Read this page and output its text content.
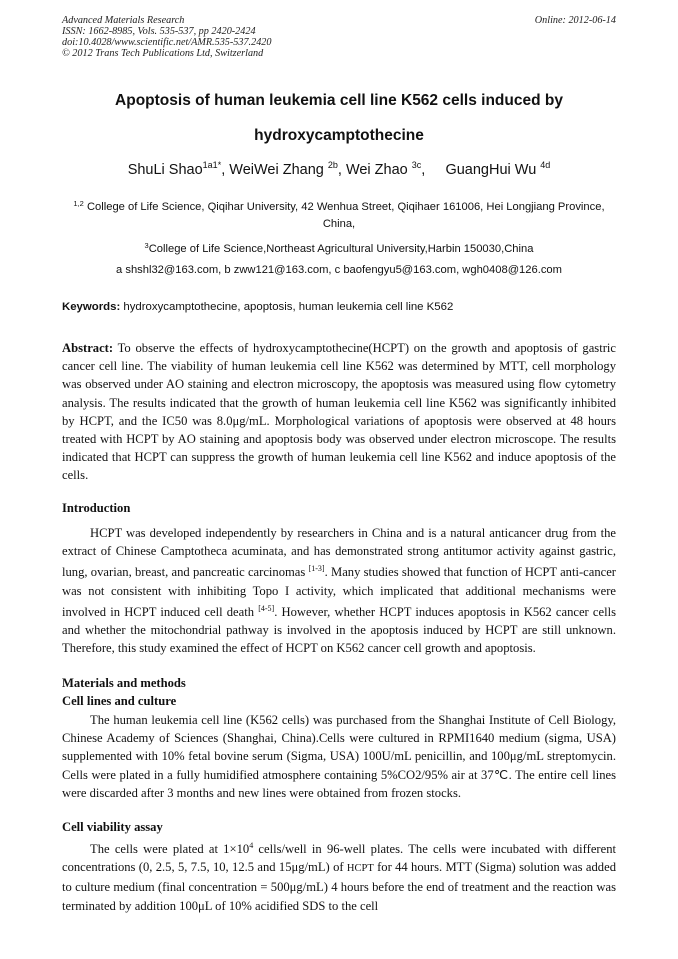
Advanced Materials Research	Online: 2012-06-14
ISSN: 1662-8985, Vols. 535-537, pp 2420-2424
doi:10.4028/www.scientific.net/AMR.535-537.2420
© 2012 Trans Tech Publications Ltd, Switzerland
Apoptosis of human leukemia cell line K562 cells induced by
hydroxycamptothecine
ShuLi Shao$^{1a1*}$, WeiWei Zhang $^{2b}$, Wei Zhao $^{3c}$,     GuangHui Wu $^{4d}$
$^{1,2}$ College of Life Science, Qiqihar University, 42 Wenhua Street, Qiqihaer 161006, Hei Longjiang Province, China,
$^3$College of Life Science,Northeast Agricultural University,Harbin 150030,China
a shshl32@163.com, b zww121@163.com, c baofengyu5@163.com, wgh0408@126.com
Keywords: hydroxycamptothecine, apoptosis, human leukemia cell line K562
Abstract: To observe the effects of hydroxycamptothecine(HCPT) on the growth and apoptosis of gastric cancer cell line. The viability of human leukemia cell line K562 was determined by MTT, cell morphology was observed under AO staining and electron microscopy, the apoptosis was measured using flow cytometry analysis. The results indicated that the growth of human leukemia cell line K562 was significantly inhibited by HCPT, and the IC50 was 8.0μg/mL. Morphological variations of apoptosis were observed at 48 hours treated with HCPT by AO staining and apoptosis body was observed under electron microscope. The results indicated that HCPT can suppress the growth of human leukemia cell line K562 and induce apoptosis of the cells.
Introduction
HCPT was developed independently by researchers in China and is a natural anticancer drug from the extract of Chinese Camptotheca acuminata, and has demonstrated strong antitumor activity against gastric, lung, ovarian, breast, and pancreatic carcinomas [1-3]. Many studies showed that function of HCPT anti-cancer was not consistent with inhibiting Topo I activity, which implicated that additional mechanisms were involved in HCPT induced cell death [4-5]. However, whether HCPT induces apoptosis in K562 cancer cells and whether the mitochondrial pathway is involved in the apoptosis induced by HCPT are still unknown. Therefore, this study examined the effect of HCPT on K562 cancer cell growth and apoptosis.
Materials and methods
Cell lines and culture
The human leukemia cell line (K562 cells) was purchased from the Shanghai Institute of Cell Biology, Chinese Academy of Sciences (Shanghai, China).Cells were cultured in RPMI1640 medium (sigma, USA) supplemented with 10% fetal bovine serum (Sigma, USA) 100U/mL penicillin, and 100μg/mL streptomycin. Cells were plated in a fully humidified atmosphere containing 5%CO2/95% air at 37℃. The entire cell lines were discarded after 3 months and new lines were obtained from frozen stocks.
Cell viability assay
The cells were plated at 1×10$^4$ cells/well in 96-well plates. The cells were incubated with different concentrations (0, 2.5, 5, 7.5, 10, 12.5 and 15μg/mL) of HCPT for 44 hours. MTT (Sigma) solution was added to culture medium (final concentration = 500μg/mL) 4 hours before the end of treatment and the reaction was terminated by addition 100μL of 10% acidified SDS to the cell
